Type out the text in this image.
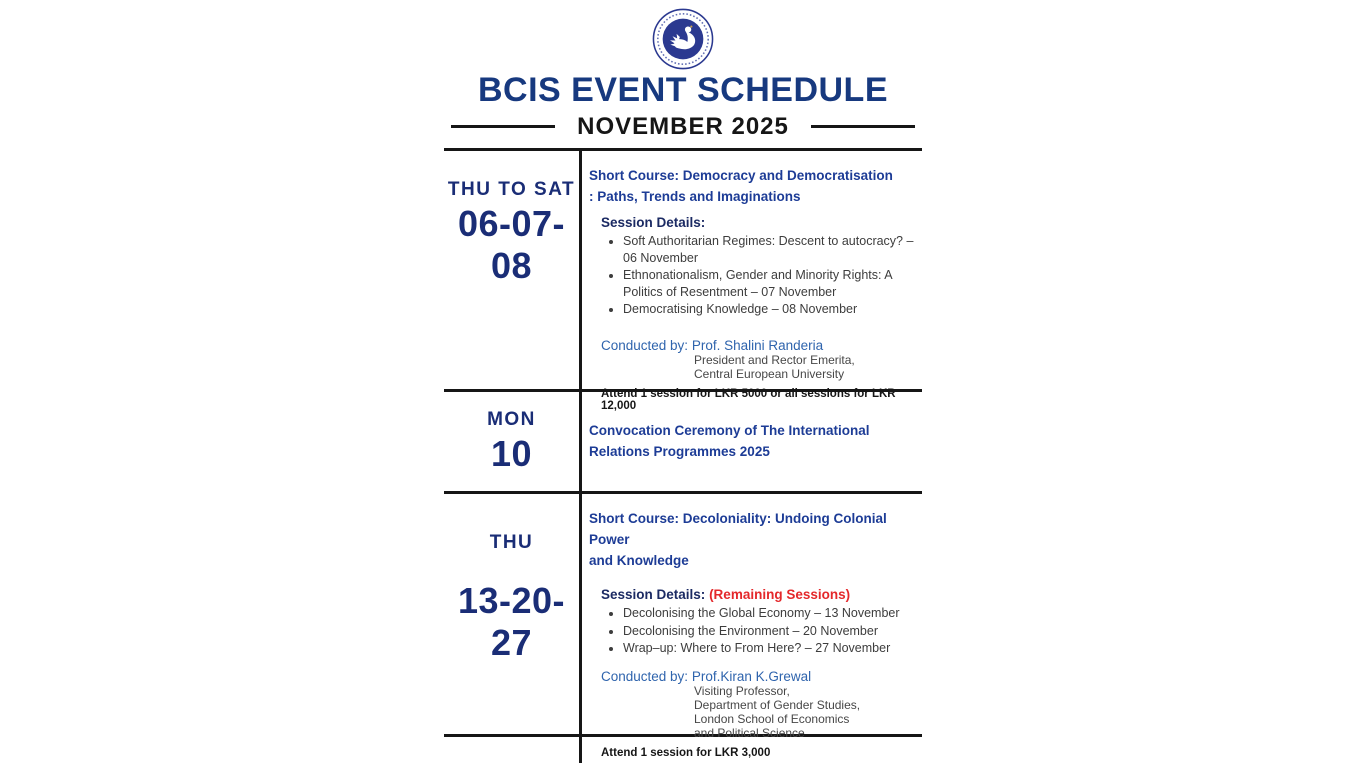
BCIS EVENT SCHEDULE
NOVEMBER 2025
THU TO SAT
06-07-08
Short Course: Democracy and Democratisation
: Paths, Trends and Imaginations
Session Details:
• Soft Authoritarian Regimes: Descent to autocracy? – 06 November
• Ethnonationalism, Gender and Minority Rights: A Politics of Resentment – 07 November
• Democratising Knowledge – 08 November
Conducted by: Prof. Shalini Randeria
President and Rector Emerita,
Central European University
Attend 1 session for LKR 5000 or all sessions for LKR 12,000
MON
10
Convocation Ceremony of The International
Relations Programmes 2025
THU
13-20-27
Short Course: Decoloniality: Undoing Colonial Power
and Knowledge
Session Details: (Remaining Sessions)
• Decolonising the Global Economy – 13 November
• Decolonising the Environment – 20 November
• Wrap–up: Where to From Here? – 27 November
Conducted by: Prof.Kiran K.Grewal
Visiting Professor,
Department of Gender Studies,
London School of Economics
and Political Science
Attend 1 session for LKR 3,000
